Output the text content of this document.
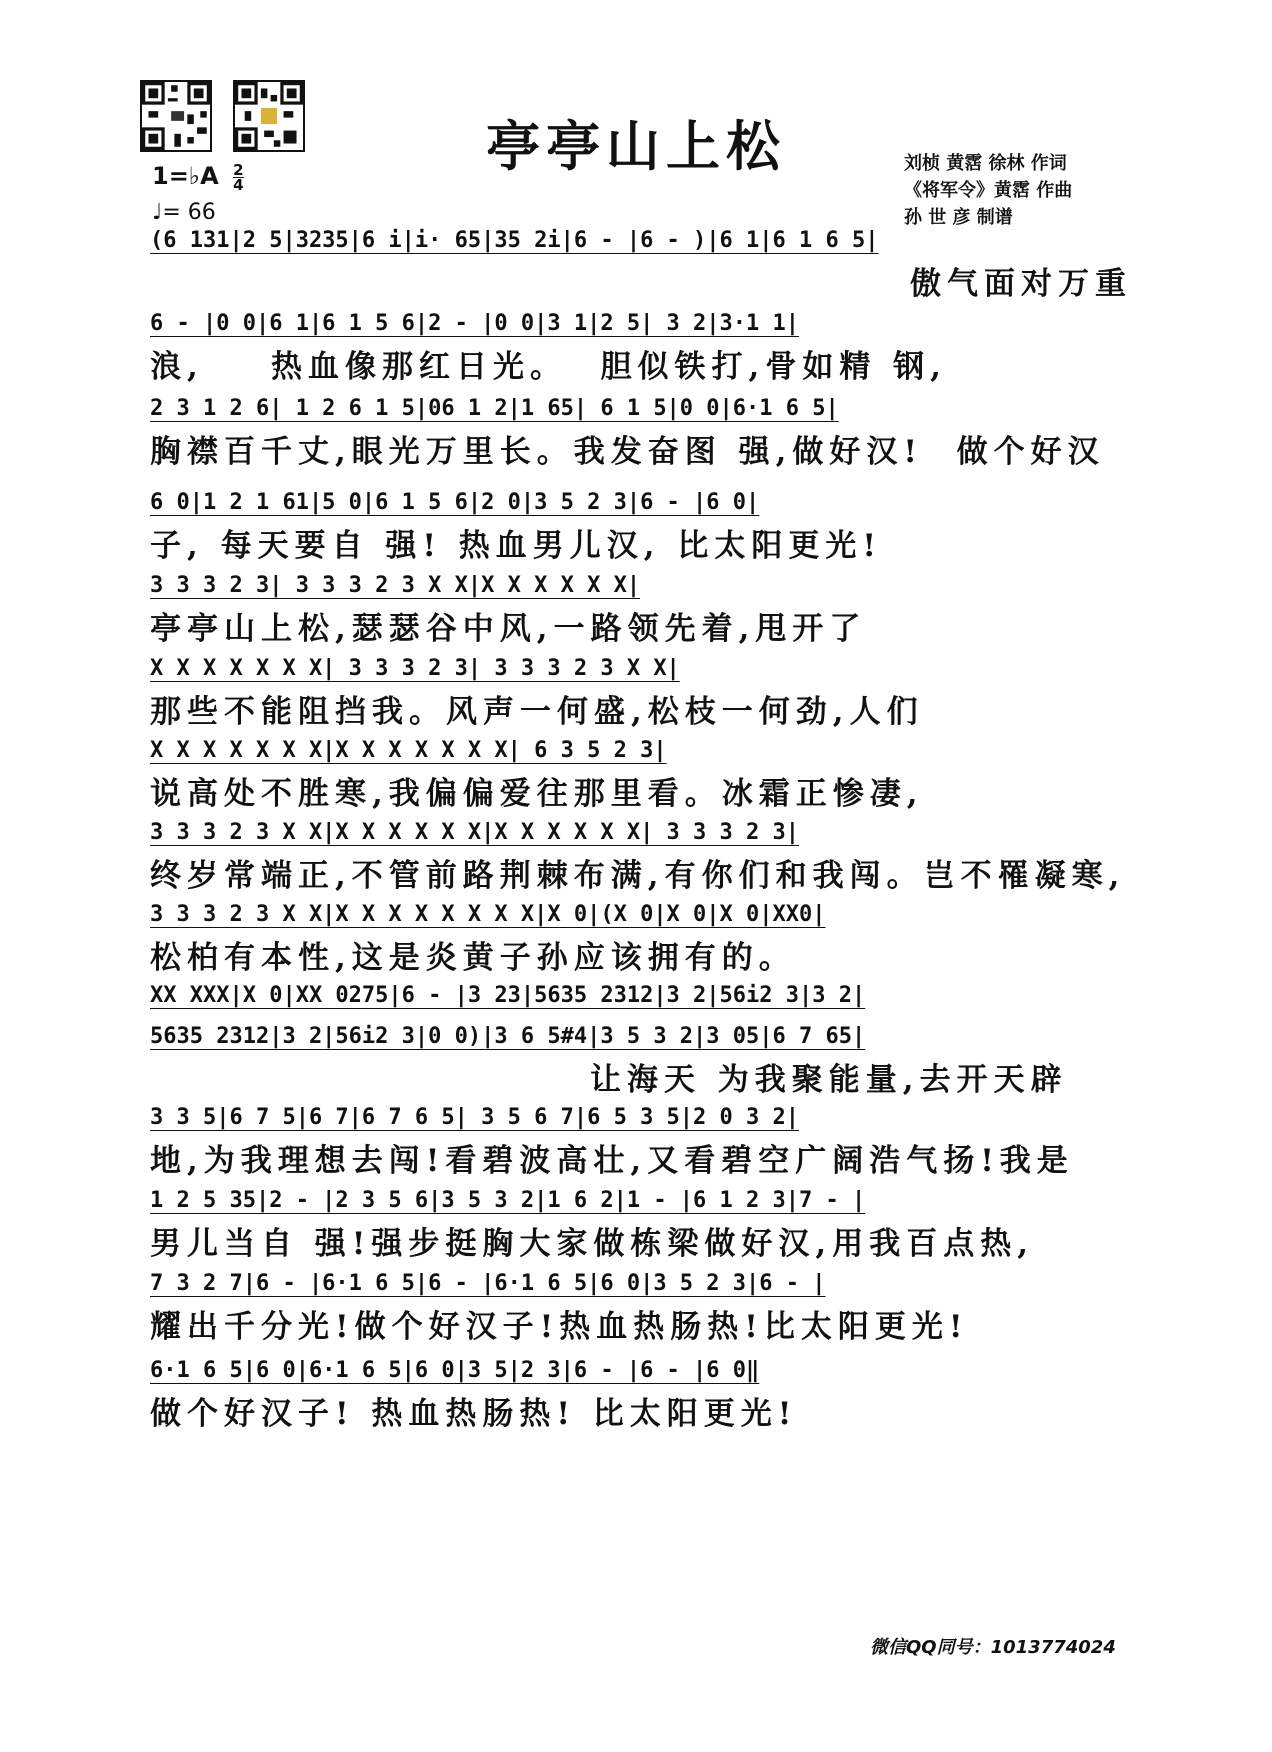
亭亭山上松	刘桢 黄霑 徐林 作词
《将军令》黄霑 作曲
孙 世 彦 制谱
1=♭A $\frac{2}{4}$
♩= 66
(6 131|2 5|3235|6 i|i· 65|35 2i|6 - |6 - )|6 1|6 1 6 5|
傲气面对万重
6 - |0 0|6 1|6 1 5 6|2 - |0 0|3 1|2 5| 3 2|3·1 1|
浪,    热血像那红日光。  胆似铁打,骨如精 钢,
2 3 1 2 6| 1 2 6 1 5|06 1 2|1 65| 6 1 5|0 0|6·1 6 5|
胸襟百千丈,眼光万里长。我发奋图 强,做好汉!  做个好汉
6 0|1 2 1 61|5 0|6 1 5 6|2 0|3 5 2 3|6 - |6 0|
子, 每天要自 强! 热血男儿汉, 比太阳更光!
3 3 3 2 3| 3 3 3 2 3 X X|X X X X X X|
亭亭山上松,瑟瑟谷中风,一路领先着,甩开了
X X X X X X X| 3 3 3 2 3| 3 3 3 2 3 X X|
那些不能阻挡我。风声一何盛,松枝一何劲,人们
X X X X X X X|X X X X X X X| 6 3 5 2 3|
说高处不胜寒,我偏偏爱往那里看。冰霜正惨凄,
3 3 3 2 3 X X|X X X X X X|X X X X X X| 3 3 3 2 3|
终岁常端正,不管前路荆棘布满,有你们和我闯。岂不罹凝寒,
3 3 3 2 3 X X|X X X X X X X X|X 0|(X 0|X 0|X 0|XX0|
松柏有本性,这是炎黄子孙应该拥有的。
XX XXX|X 0|XX 0275|6 - |3 23|5635 2312|3 2|56i2 3|3 2|
5635 2312|3 2|56i2 3|0 0)|3 6 5#4|3 5 3 2|3 05|6 7 65|
让海天 为我聚能量,去开天辟
3 3 5|6 7 5|6 7|6 7 6 5| 3 5 6 7|6 5 3 5|2 0 3 2|
地,为我理想去闯!看碧波高壮,又看碧空广阔浩气扬!我是
1 2 5 35|2 - |2 3 5 6|3 5 3 2|1 6 2|1 - |6 1 2 3|7 - |
男儿当自 强!强步挺胸大家做栋梁做好汉,用我百点热,
7 3 2 7|6 - |6·1 6 5|6 - |6·1 6 5|6 0|3 5 2 3|6 - |
耀出千分光!做个好汉子!热血热肠热!比太阳更光!
6·1 6 5|6 0|6·1 6 5|6 0|3 5|2 3|6 - |6 - |6 0‖
做个好汉子! 热血热肠热! 比太阳更光!
微信QQ同号：1013774024
